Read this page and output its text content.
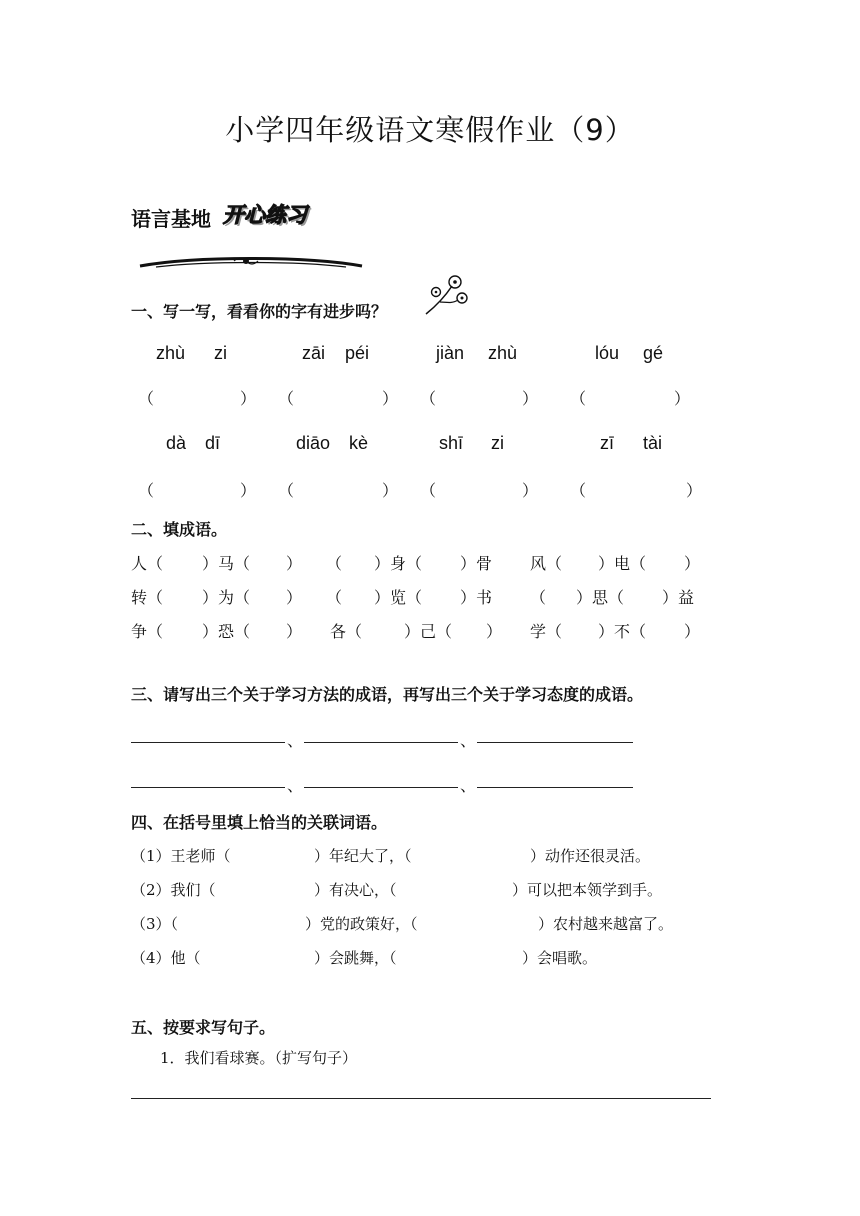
小学四年级语文寒假作业（9）
语言基地 开心练习
一、写一写，看看你的字有进步吗？
zhù zi	zāi péi	jiàn zhù	lóu gé
（	） （	） （	） （	）
dà dī	diāo kè	shī zi	zī tài
（	） （	） （	） （	）
二、填成语。
人（ ）马（ ） （ ）身（ ）骨 风（ ）电（ ）
转（ ）为（ ） （ ）览（ ）书 （ ）思（ ）益
争（ ）恐（ ） 各（	）己（ ） 学（ ）不（ ）
三、请写出三个关于学习方法的成语，再写出三个关于学习态度的成语。
、	、
、	、
四、在括号里填上恰当的关联词语。
（1）王老师（	）年纪大了，（	）动作还很灵活。
（2）我们（	）有决心，（	）可以把本领学到手。
（3）（	）党的政策好，（	）农村越来越富了。
（4）他（	）会跳舞，（	）会唱歌。
五、按要求写句子。
1．我们看球赛。（扩写句子）
